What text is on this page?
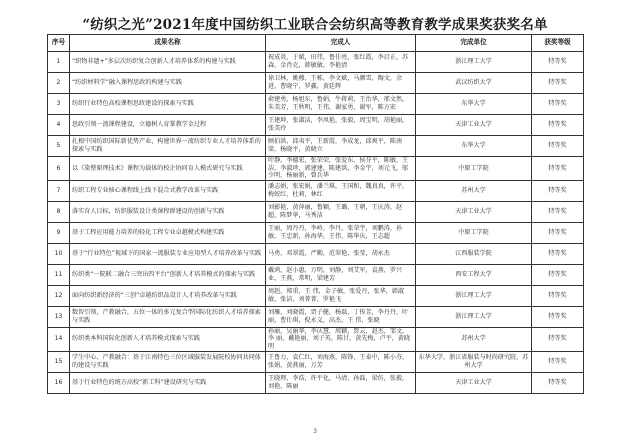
“纺织之光”2021年度中国纺织工业联合会纺织高等教育教学成果奖获奖名单
序号	成果名称	完成人	完成单位	获奖等级
1	“织物非遗+”多层次纺织复合创新人才培养体系的构建与实践	祝成炎，于斌，田伟，鲁佳亮，张红霞，李启正，苏森，金肖克，韩敏敏，李艳清	浙江理工大学	特等奖
2	“纺织材料学”融入课程思政的构建与实践	徐卫林，姚穆，王栋，李文斌，马颜雪，陶文，余进，曹晓宁，罗鑫，黄廷辉	武汉纺织大学	特等奖
3	纺织行业特色高校课程思政建设的探索与实践	俞建勇，杨旭东，鲁娟，牛蒋莉，王治华，邢文然，朱美芳，王秋明，王伟，谢家勇，谢军，陈方宏	东华大学	特等奖
4	思政引领一流课程建设，立德树人育掌教学金过程	王建坤，张淑洁，李凤艳，张毅，周宝明，胡艳丽，张美玲	天津工业大学	特等奖
5	扎根中国纺织国际新优势产业，构建世界一流纺织专业人才培养体系的探索与实践	顾伯洪，邱夷平，王新霞，李成龙，邱爽平，陈南梁，杨晓平，黄晓立	东华大学	特等奖
6	以《染整原理技术》课程为载体的校企协同育人模式研究与实践	叶静，李德宏，张荣荣，张爱东，侯芬平，陈敏，王 洁，李淑珍，郭建建，陈建洪，李金宇，刘元飞，邬少明，杨丽新，曾兵华	中原工学院	特等奖
7	纺织工程专业核心课程线上线下混合式教学改革与实践	潘志娟，张宏娟，潘兰琪，王国和，魏真真，许平，梅姣红，杜莉，林红	苏州大学	特等奖
8	落实育人目标，纺织服装设计类课程群建设的创新与实践	刘影艳，黄萍丽，鲁颖，王璐，王朝，王庆涛，赵超，陈梦华，马秀洁	天津工业大学	特等奖
9	基于工程应用能力培养的轻化工程专业卓越模式构建实践	王丽，周丹丹，李岭，李丹，张荣宇，刘鹏涛，孙敏，王忠新，孙海华，王伟，陈华庆，王志超	中原工学院	特等奖
10	基于“行业特色”视域下的国家一流服装专业应用型人才培养改革与实践	马勇，邓翠霞，严勤，范翠艳，张莹，胡永杰	江西服装学院	特等奖
11	纺织类“一院联二融合三突出四平台”创新人才培养模式的探索与实践	戴鸿，赵小惠，万明，刘静，刘艾军，袁燕，罗兴业，王燕，常明，梁建芳	西安工程大学	特等奖
12	面向纺织新经济的“三创”卓越纺织品设计人才培养改革与实践	周赳，郑重，王 伟，金子敏，张爱丹，张华，韩淑敏，张洁，刘菁菁，罗艳飞	浙江理工大学	特等奖
13	数智引领，产教融合，五位一体的多元复合型国际化纺织人才培养探索与实践	刘雁，刘晓霞，贾子健，杨磊，丁传芳，李丹丹，叶丽，曹仕琪，倪永义，高杰，王 伟，张晓	浙江理工大学	特等奖
14	纺织类本科国际化创新人才培养模式探索与实践	孙丽，吴丽华，李庆慧，周颖，贾云，赵杰，邹文，李 丽，戴艳丽，刘子英，陈甘，黄先梅，卢平，黄晓明	苏州大学	特等奖
15	学生中心、产教融合：基于江南特色三位区域服装发展院校协同共同体的建设与实践	王鲁力，袁仁红，刘海燕，陈锋，王泰中，陈小芬，张娟，黄燕丽，万芳	东华大学，浙江省服装与时尚研究院，苏州大学	特等奖
16	基于行业特色的统方高校“新工科”建设研究与实践	王晓理，李浩，许平化，马清，孙磊，梁仿，张毅，刘艳，陈丽	天津工业大学	特等奖
3
